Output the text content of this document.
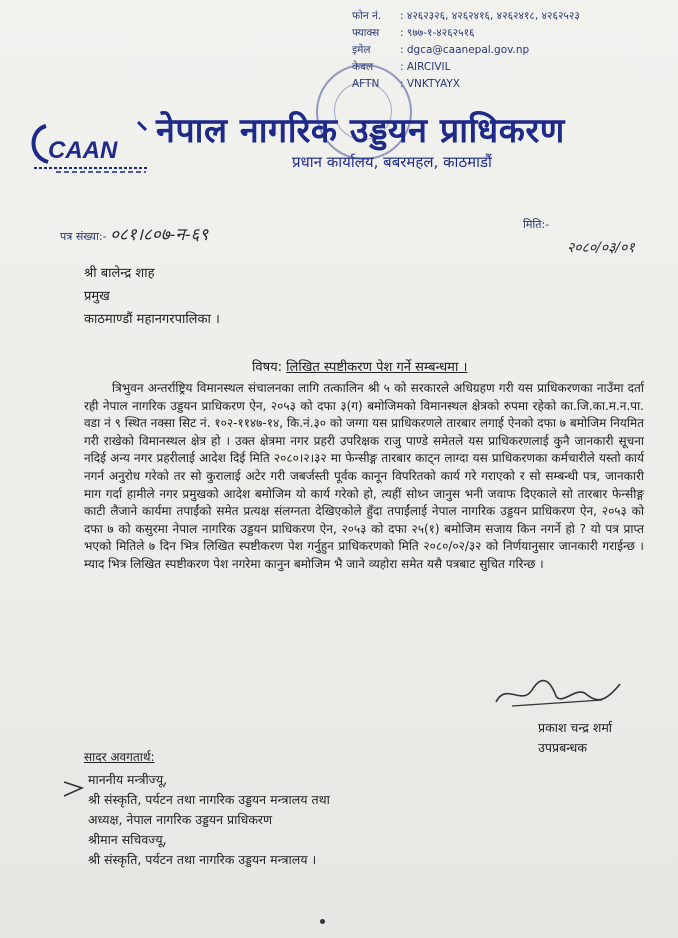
फोन नं. : ४२६२३२६, ४२६२४१६, ४२६२४१८, ४२६२५२३
फ्याक्स : ९७७-१-४२६२५१६
इमेल	: dgca@caanepal.gov.np
केबल	: AIRCIVIL
AFTN : VNKTYAYX
CAAN नेपाल नागरिक उड्डयन प्राधिकरण
प्रधान कार्यालय, बबरमहल, काठमाडौं
पत्र संख्या:- ०८१।८०७-न-६९
मिति:-
२०८०/०३/०१
श्री बालेन्द्र शाह
प्रमुख
काठमाण्डौं महानगरपालिका ।
विषय: लिखित स्पष्टीकरण पेश गर्ने सम्बन्धमा ।
त्रिभुवन अन्तर्राष्ट्रिय विमानस्थल संचालनका लागि तत्कालिन श्री ५ को सरकारले अधिग्रहण गरी यस प्राधिकरणका नाउँमा दर्ता रही नेपाल नागरिक उड्डयन प्राधिकरण ऐन, २०५३ को दफा ३(ग) बमोजिमको विमानस्थल क्षेत्रको रुपमा रहेको का.जि.का.म.न.पा. वडा नं ९ स्थित नक्सा सिट नं. १०२-११४७-१४, कि.नं.३० को जग्गा यस प्राधिकरणले तारबार लगाई ऐनको दफा ७ बमोजिम नियमित गरी राखेको विमानस्थल क्षेत्र हो । उक्त क्षेत्रमा नगर प्रहरी उपरिक्षक राजु पाण्डे समेतले यस प्राधिकरणलाई कुनै जानकारी सूचना नदिई अन्य नगर प्रहरीलाई आदेश दिई मिति २०८०।२।३२ मा फेन्सीङ्ग तारबार काट्न लाग्दा यस प्राधिकरणका कर्मचारीले यस्तो कार्य नगर्न अनुरोध गरेको तर सो कुरालाई अटेर गरी जबर्जस्ती पूर्वक कानून विपरितको कार्य गरे गराएको र सो सम्बन्धी पत्र, जानकारी माग गर्दा हामीले नगर प्रमुखको आदेश बमोजिम यो कार्य गरेको हो, त्यहीं सोध्न जानुस भनी जवाफ दिएकाले सो तारबार फेन्सीङ्ग काटी लैजाने कार्यमा तपाईंको समेत प्रत्यक्ष संलग्नता देखिएकोले हुँदा तपाईंलाई नेपाल नागरिक उड्डयन प्राधिकरण ऐन, २०५३ को दफा ७ को कसुरमा नेपाल नागरिक उड्डयन प्राधिकरण ऐन, २०५३ को दफा २५(१) बमोजिम सजाय किन नगर्ने हो ? यो पत्र प्राप्त भएको मितिले ७ दिन भित्र लिखित स्पष्टीकरण पेश गर्नुहुन प्राधिकरणको मिति २०८०/०२/३२ को निर्णयानुसार जानकारी गराईन्छ । म्याद भित्र लिखित स्पष्टीकरण पेश नगरेमा कानुन बमोजिम भै जाने व्यहोरा समेत यसै पत्रबाट सुचित गरिन्छ ।
प्रकाश चन्द्र शर्मा
उपप्रबन्धक
सादर अवगतार्थ:
माननीय मन्त्रीज्यू,
श्री संस्कृति, पर्यटन तथा नागरिक उड्डयन मन्त्रालय तथा
अध्यक्ष, नेपाल नागरिक उड्डयन प्राधिकरण
श्रीमान सचिवज्यू,
श्री संस्कृति, पर्यटन तथा नागरिक उड्डयन मन्त्रालय ।
